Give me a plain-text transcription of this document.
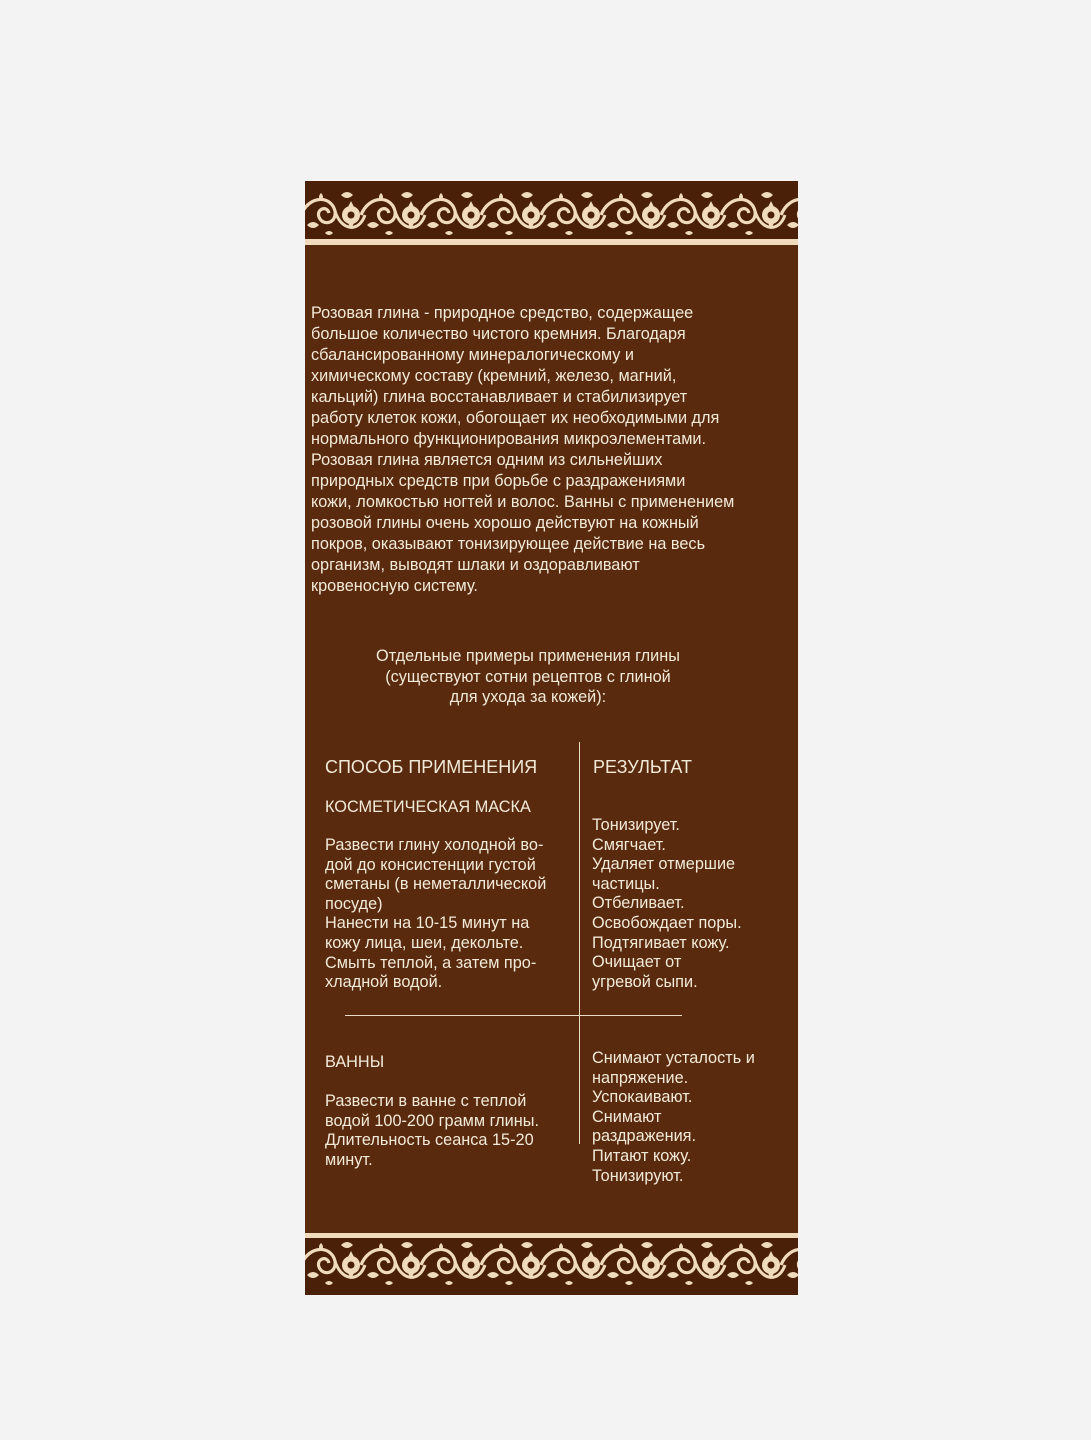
Розовая глина - природное средство, содержащее
большое количество чистого кремния. Благодаря
сбалансированному минералогическому и
химическому составу (кремний, железо, магний,
кальций) глина восстанавливает и стабилизирует
работу клеток кожи, обогощает их необходимыми для
нормального функционирования микроэлементами.
Розовая глина является одним из сильнейших
природных средств при борьбе с раздражениями
кожи, ломкостью ногтей и волос. Ванны с применением
розовой глины очень хорошо действуют на кожный
покров, оказывают тонизирующее действие на весь
организм, выводят шлаки и оздоравливают
кровеносную систему.

Отдельные примеры применения глины
(существуют сотни рецептов с глиной
для ухода за кожей):

СПОСОБ ПРИМЕНЕНИЯ	РЕЗУЛЬТАТ
КОСМЕТИЧЕСКАЯ МАСКА

Развести глину холодной во-
дой до консистенции густой
сметаны (в неметаллической
посуде)
Нанести на 10-15 минут на
кожу лица, шеи, декольте.
Смыть теплой, а затем про-
хладной водой.

Тонизирует.
Смягчает.
Удаляет отмершие
частицы.
Отбеливает.
Освобождает поры.
Подтягивает кожу.
Очищает от
угревой сыпи.

ВАННЫ

Развести в ванне с теплой
водой 100-200 грамм глины.
Длительность сеанса 15-20
минут.

Снимают усталость и
напряжение.
Успокаивают.
Снимают
раздражения.
Питают кожу.
Тонизируют.
